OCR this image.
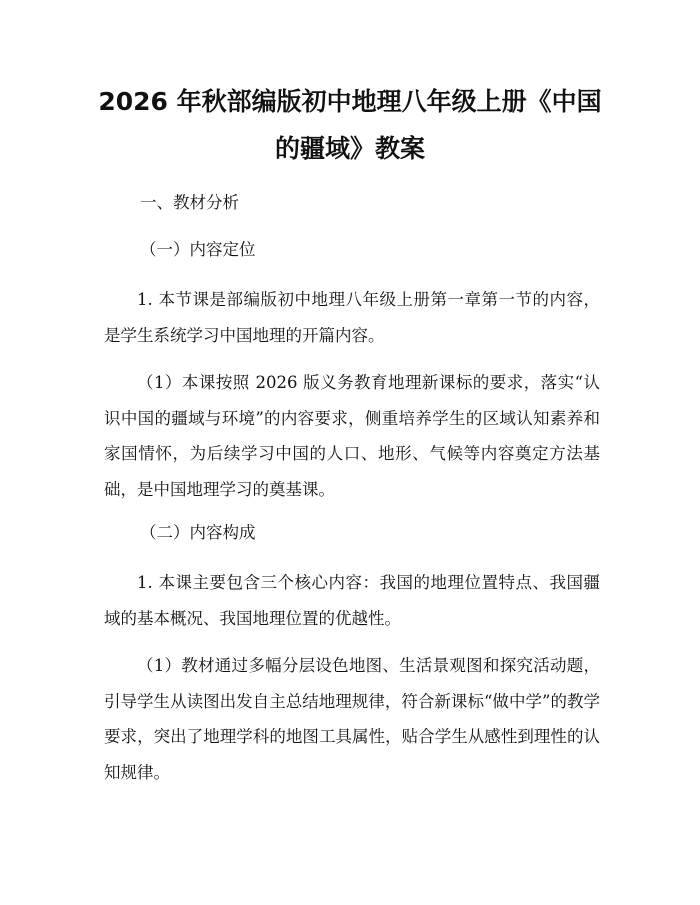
2026 年秋部编版初中地理八年级上册《中国
的疆域》教案

一、教材分析

（一）内容定位

1. 本节课是部编版初中地理八年级上册第一章第一节的内容，是学生系统学习中国地理的开篇内容。

（1）本课按照 2026 版义务教育地理新课标的要求，落实“认识中国的疆域与环境”的内容要求，侧重培养学生的区域认知素养和家国情怀，为后续学习中国的人口、地形、气候等内容奠定方法基础，是中国地理学习的奠基课。

（二）内容构成

1. 本课主要包含三个核心内容：我国的地理位置特点、我国疆域的基本概况、我国地理位置的优越性。

（1）教材通过多幅分层设色地图、生活景观图和探究活动题，引导学生从读图出发自主总结地理规律，符合新课标“做中学”的教学要求，突出了地理学科的地图工具属性，贴合学生从感性到理性的认知规律。
